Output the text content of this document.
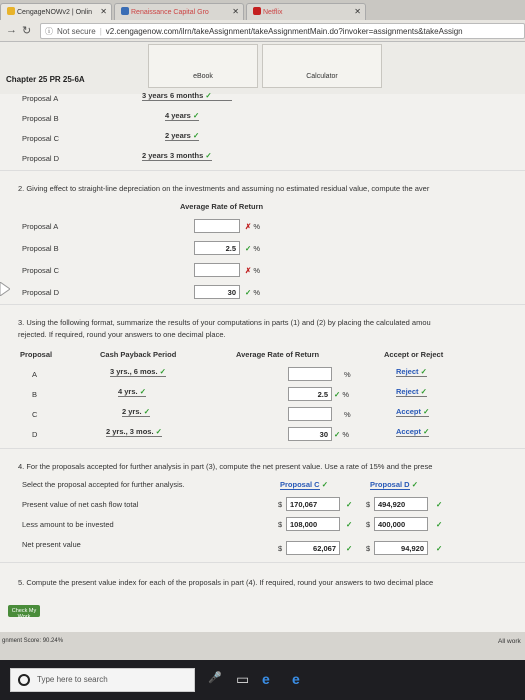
CengageNOWv2 | Onlin ✕	Renaissance Capital Gro	✕	Netflix	✕
→ ↻	ⓘ Not secure | v2.cengagenow.com/ilrn/takeAssignment/takeAssignmentMain.do?invoker=assignments&takeAssign
Chapter 25 PR 25-6A	eBook	Calculator
Proposal A	3 years 6 months ✓
Proposal B	4 years ✓
Proposal C	2 years ✓
Proposal D	2 years 3 months ✓
2. Giving effect to straight-line depreciation on the investments and assuming no estimated residual value, compute the aver
Average Rate of Return
Proposal A	✗ %
Proposal B	2.5	✓ %
Proposal C	✗ %
Proposal D	30	✓ %
3. Using the following format, summarize the results of your computations in parts (1) and (2) by placing the calculated amou
rejected. If required, round your answers to one decimal place.
Proposal	Cash Payback Period	Average Rate of Return	Accept or Reject
A	3 yrs., 6 mos. ✓	%	Reject ✓
B	4 yrs. ✓	2.5 ✓ %	Reject ✓
C	2 yrs. ✓	%	Accept ✓
D	2 yrs., 3 mos. ✓	30 ✓ %	Accept ✓
4. For the proposals accepted for further analysis in part (3), compute the net present value. Use a rate of 15% and the prese
Select the proposal accepted for further analysis.	Proposal C ✓	Proposal D ✓
Present value of net cash flow total	$	170,067	✓ $	494,920	✓
Less amount to be invested	$	108,000	✓ $	400,000	✓
Net present value	$	62,067	✓ $	94,920	✓
5. Compute the present value index for each of the proposals in part (4). If required, round your answers to two decimal place
Check My Work
gnment Score: 90.24%	All work
Type here to search	🎤 ▭ e e
